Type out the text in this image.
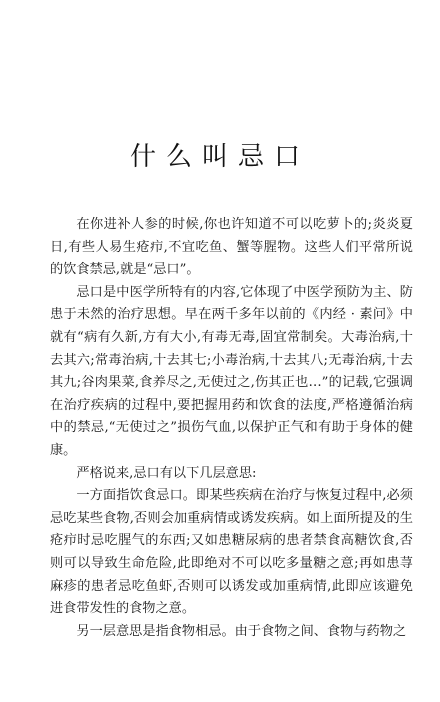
什么叫忌口

在你进补人参的时候,你也许知道不可以吃萝卜的;炎炎夏日,有些人易生疮疖,不宜吃鱼、蟹等腥物。这些人们平常所说的饮食禁忌,就是“忌口”。

忌口是中医学所特有的内容,它体现了中医学预防为主、防患于未然的治疗思想。早在两千多年以前的《内经 · 素问》中就有“病有久新,方有大小,有毒无毒,固宜常制矣。大毒治病,十去其六;常毒治病,十去其七;小毒治病,十去其八;无毒治病,十去其九;谷肉果菜,食养尽之,无使过之,伤其正也…”的记载,它强调在治疗疾病的过程中,要把握用药和饮食的法度,严格遵循治病中的禁忌,“无使过之”损伤气血,以保护正气和有助于身体的健康。

严格说来,忌口有以下几层意思:

一方面指饮食忌口。即某些疾病在治疗与恢复过程中,必须忌吃某些食物,否则会加重病情或诱发疾病。如上面所提及的生疮疖时忌吃腥气的东西;又如患糖尿病的患者禁食高糖饮食,否则可以导致生命危险,此即绝对不可以吃多量糖之意;再如患荨麻疹的患者忌吃鱼虾,否则可以诱发或加重病情,此即应该避免进食带发性的食物之意。

另一层意思是指食物相忌。由于食物之间、食物与药物之
